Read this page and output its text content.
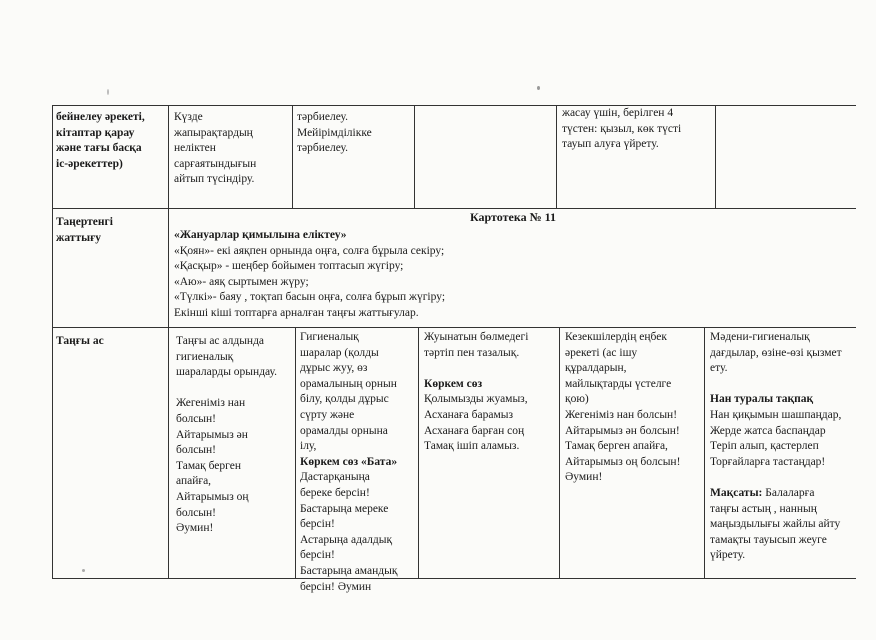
бейнелеу әрекеті,
кітаптар қарау
және тағы басқа
іс-әрекеттер)
Күзде
жапырақтардың
неліктен
сарғаятындығын
айтып түсіндіру.
тәрбиелеу.
Мейірімділікке
тәрбиелеу.
жасау үшін, берілген 4
түстен: қызыл, көк түсті
тауып алуға үйрету.
Таңертенгі
жаттығу
Картотека № 11
«Жануарлар қимылына еліктеу»
«Қоян»- екі аяқпен орнында оңға, солға бұрыла секіру;
«Қасқыр» - шеңбер бойымен топтасып жүгіру;
«Аю»- аяқ сыртымен жүру;
«Түлкі»- баяу , тоқтап басын оңға, солға бұрып жүгіру;
Екінші кіші топтарға арналған таңғы жаттығулар.
Таңғы ас	Таңғы ас алдында
гигиеналық
шараларды орындау.

Жегеніміз нан
болсын!
Айтарымыз ән
болсын!
Тамақ берген
апайға,
Айтарымыз оң
болсын!
Әумин!
Гигиеналық
шаралар (қолды
дұрыс жуу, өз
орамалының орнын
білу, қолды дұрыс
сүрту және
орамалды орнына
ілу,
Көркем сөз «Бата»
Дастарқаныңа
береке берсін!
Бастарыңа мереке
берсін!
Астарыңа адалдық
берсін!
Бастарыңа амандық
берсін! Әумин
Жуынатын бөлмедегі
тәртіп пен тазалық.

Көркем сөз
Қолымызды жуамыз,
Асханаға барамыз
Асханаға барған соң
Тамақ ішіп аламыз.
Кезекшілердің еңбек
әрекеті (ас ішу
құралдарын,
майлықтарды үстелге
қою)
Жегеніміз нан болсын!
Айтарымыз ән болсын!
Тамақ берген апайға,
Айтарымыз оң болсын!
Әумин!
Мәдени-гигиеналық
дағдылар, өзіне-өзі қызмет
ету.

Нан туралы тақпақ
Нан қиқымын шашпаңдар,
Жерде жатса баспаңдар
Теріп алып, қастерлеп
Торғайларға тастаңдар!

Мақсаты: Балаларға
таңғы астың , нанның
маңыздылығы жайлы айту
тамақты тауысып жеуге
үйрету.
